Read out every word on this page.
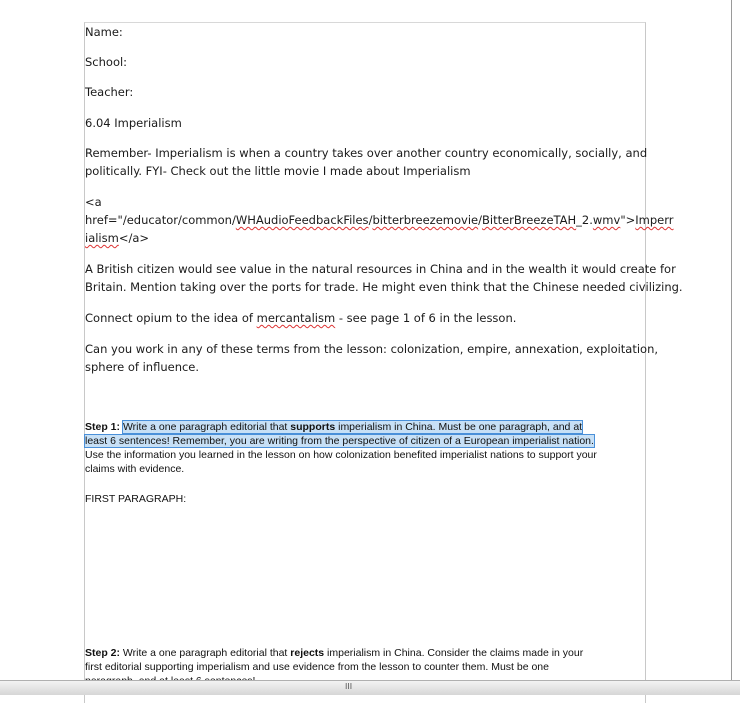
Name:
School:
Teacher:
6.04 Imperialism
Remember- Imperialism is when a country takes over another country economically, socially, and
politically. FYI- Check out the little movie I made about Imperialism
<a
href="/educator/common/WHAudioFeedbackFiles/bitterbreezemovie/BitterBreezeTAH_2.wmv">Imperr
ialism</a>
A British citizen would see value in the natural resources in China and in the wealth it would create for
Britain. Mention taking over the ports for trade. He might even think that the Chinese needed civilizing.
Connect opium to the idea of mercantalism - see page 1 of 6 in the lesson.
Can you work in any of these terms from the lesson: colonization, empire, annexation, exploitation,
sphere of influence.
Step 1: Write a one paragraph editorial that supports imperialism in China. Must be one paragraph, and at
least 6 sentences! Remember, you are writing from the perspective of citizen of a European imperialist nation.
Use the information you learned in the lesson on how colonization benefited imperialist nations to support your
claims with evidence.
FIRST PARAGRAPH:
Step 2: Write a one paragraph editorial that rejects imperialism in China. Consider the claims made in your
first editorial supporting imperialism and use evidence from the lesson to counter them. Must be one
III
